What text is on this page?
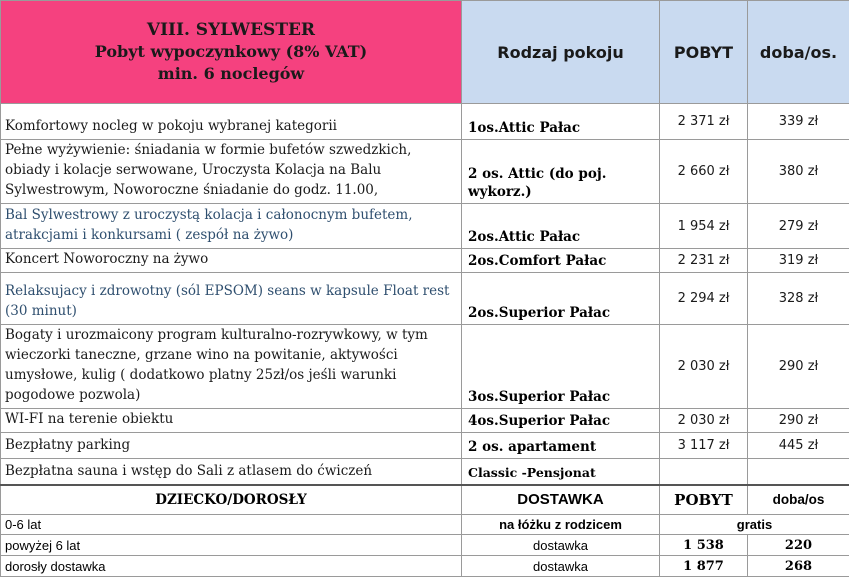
VIII. SYLWESTER
Pobyt wypoczynkowy (8% VAT)
min. 6 noclegów	Rodzaj pokoju	POBYT	doba/os.
Komfortowy nocleg w pokoju wybranej kategorii	1os.Attic Pałac	2 371 zł	339 zł
Pełne wyżywienie: śniadania w formie bufetów szwedzkich, obiady i kolacje serwowane, Uroczysta Kolacja na Balu Sylwestrowym, Noworoczne śniadanie do godz. 11.00,	2 os. Attic (do poj. wykorz.)	2 660 zł	380 zł
Bal Sylwestrowy z uroczystą kolacja i całonocnym bufetem, atrakcjami i konkursami ( zespół na żywo)	2os.Attic Pałac	1 954 zł	279 zł
Koncert Noworoczny na żywo	2os.Comfort Pałac	2 231 zł	319 zł
Relaksujacy i zdrowotny (sól EPSOM) seans w kapsule Float rest (30 minut)	2os.Superior Pałac	2 294 zł	328 zł
Bogaty i urozmaicony program kulturalno-rozrywkowy, w tym wieczorki taneczne, grzane wino na powitanie, aktywości umysłowe, kulig ( dodatkowo platny 25zł/os jeśli warunki pogodowe pozwola)	3os.Superior Pałac	2 030 zł	290 zł
WI-FI na terenie obiektu	4os.Superior Pałac	2 030 zł	290 zł
Bezpłatny parking	2 os. apartament	3 117 zł	445 zł
Bezpłatna sauna i wstęp do Sali z atlasem do ćwiczeń	Classic -Pensjonat		
DZIECKO/DOROSŁY	DOSTAWKA	POBYT	doba/os
0-6 lat	na łóżku z rodzicem	gratis	
powyżej 6 lat	dostawka	1 538	220
dorosły dostawka	dostawka	1 877	268
